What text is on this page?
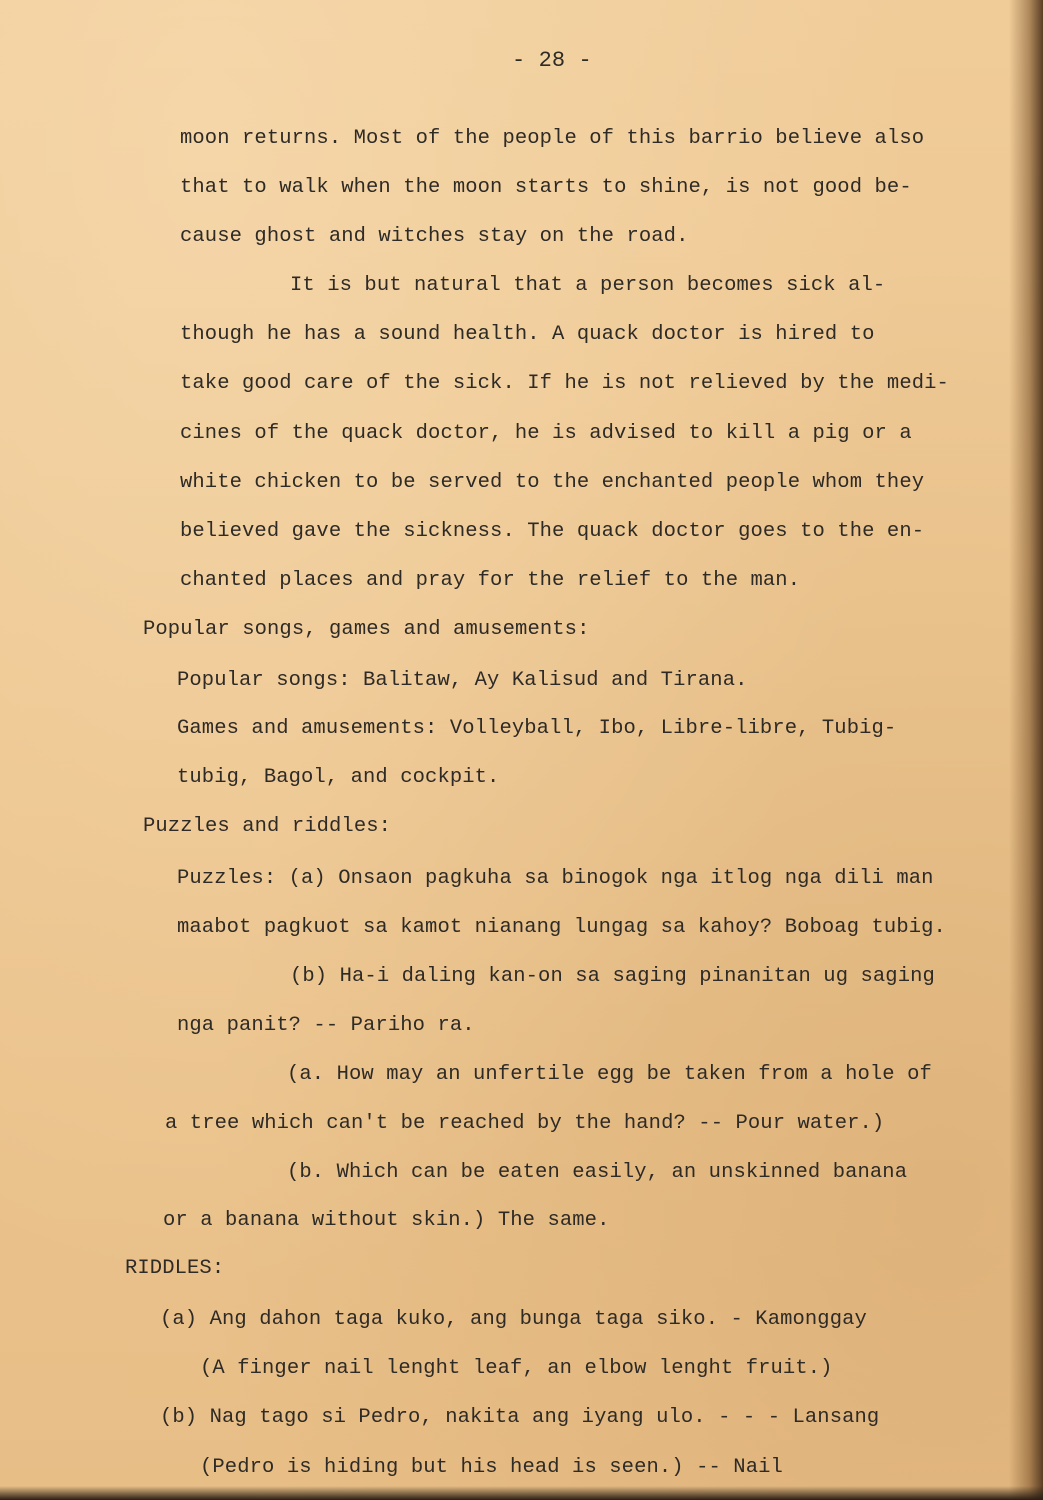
- 28 -
moon returns. Most of the people of this barrio believe also
that to walk when the moon starts to shine, is not good be-
cause ghost and witches stay on the road.
It is but natural that a person becomes sick al-
though he has a sound health. A quack doctor is hired to
take good care of the sick. If he is not relieved by the medi-
cines of the quack doctor, he is advised to kill a pig or a
white chicken to be served to the enchanted people whom they
believed gave the sickness. The quack doctor goes to the en-
chanted places and pray for the relief to the man.
Popular songs, games and amusements:
Popular songs: Balitaw, Ay Kalisud and Tirana.
Games and amusements: Volleyball, Ibo, Libre-libre, Tubig-
tubig, Bagol, and cockpit.
Puzzles and riddles:
Puzzles: (a) Onsaon pagkuha sa binogok nga itlog nga dili man
maabot pagkuot sa kamot nianang lungag sa kahoy? Boboag tubig.
(b) Ha-i daling kan-on sa saging pinanitan ug saging
nga panit? -- Pariho ra.
(a. How may an unfertile egg be taken from a hole of
a tree which can't be reached by the hand? -- Pour water.)
(b. Which can be eaten easily, an unskinned banana
or a banana without skin.) The same.
RIDDLES:
(a) Ang dahon taga kuko, ang bunga taga siko. - Kamonggay
(A finger nail lenght leaf, an elbow lenght fruit.)
(b) Nag tago si Pedro, nakita ang iyang ulo. - - - Lansang
(Pedro is hiding but his head is seen.) -- Nail
